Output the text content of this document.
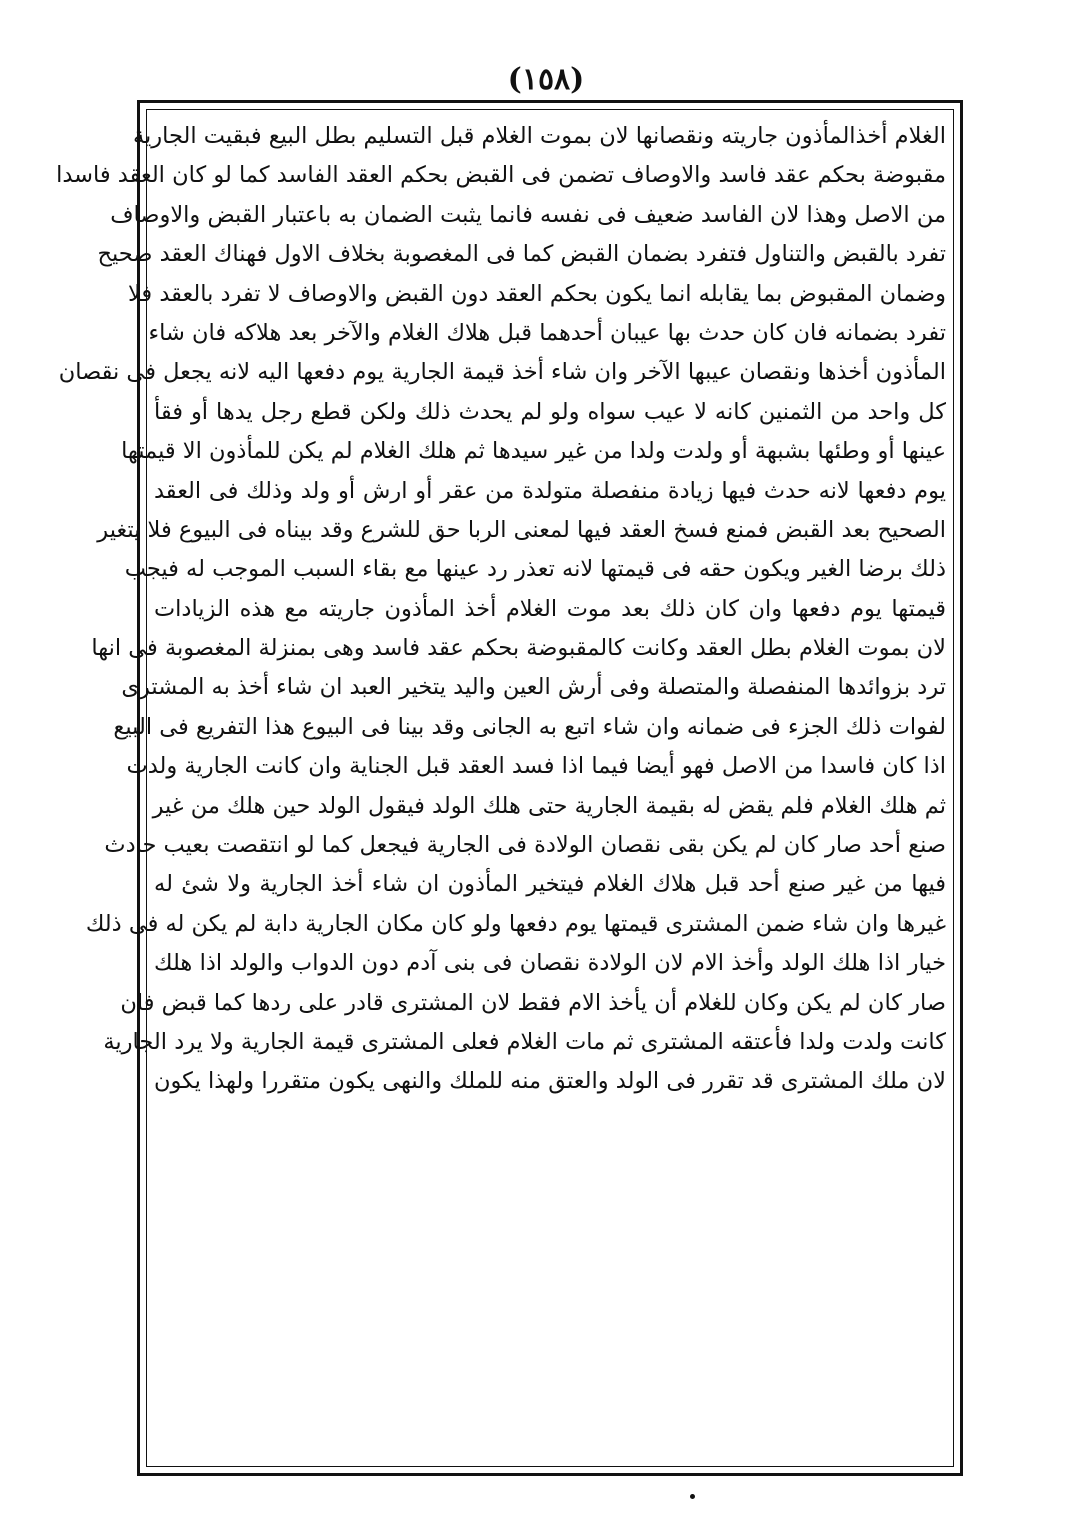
(١٥٨)
الغلام أخذالمأذون جاريته ونقصانها لان بموت الغلام قبل التسليم بطل البيع فبقيت الجارية
مقبوضة بحكم عقد فاسد والاوصاف تضمن فى القبض بحكم العقد الفاسد كما لو كان العقد فاسدا
من الاصل وهذا لان الفاسد ضعيف فى نفسه فانما يثبت الضمان به باعتبار القبض والاوصاف
تفرد بالقبض والتناول فتفرد بضمان القبض كما فى المغصوبة بخلاف الاول فهناك العقد صحيح
وضمان المقبوض بما يقابله انما يكون بحكم العقد دون القبض والاوصاف لا تفرد بالعقد فلا
تفرد بضمانه فان كان حدث بها عيبان أحدهما قبل هلاك الغلام والآخر بعد هلاكه فان شاء
المأذون أخذها ونقصان عيبها الآخر وان شاء أخذ قيمة الجارية يوم دفعها اليه لانه يجعل فى نقصان
كل واحد من الثمنين كانه لا عيب سواه ولو لم يحدث ذلك ولكن قطع رجل يدها أو فقأ
عينها أو وطئها بشبهة أو ولدت ولدا من غير سيدها ثم هلك الغلام لم يكن للمأذون الا قيمتها
يوم دفعها لانه حدث فيها زيادة منفصلة متولدة من عقر أو ارش أو ولد وذلك فى العقد
الصحيح بعد القبض فمنع فسخ العقد فيها لمعنى الربا حق للشرع وقد بيناه فى البيوع فلا يتغير
ذلك برضا الغير ويكون حقه فى قيمتها لانه تعذر رد عينها مع بقاء السبب الموجب له فيجب
قيمتها يوم دفعها وان كان ذلك بعد موت الغلام أخذ المأذون جاريته مع هذه الزيادات
لان بموت الغلام بطل العقد وكانت كالمقبوضة بحكم عقد فاسد وهى بمنزلة المغصوبة فى انها
ترد بزوائدها المنفصلة والمتصلة وفى أرش العين واليد يتخير العبد ان شاء أخذ به المشترى
لفوات ذلك الجزء فى ضمانه وان شاء اتبع به الجانى وقد بينا فى البيوع هذا التفريع فى البيع
اذا كان فاسدا من الاصل فهو أيضا فيما اذا فسد العقد قبل الجناية وان كانت الجارية ولدت
ثم هلك الغلام فلم يقض له بقيمة الجارية حتى هلك الولد فيقول الولد حين هلك من غير
صنع أحد صار كان لم يكن بقى نقصان الولادة فى الجارية فيجعل كما لو انتقصت بعيب حادث
فيها من غير صنع أحد قبل هلاك الغلام فيتخير المأذون ان شاء أخذ الجارية ولا شئ له
غيرها وان شاء ضمن المشترى قيمتها يوم دفعها ولو كان مكان الجارية دابة لم يكن له فى ذلك
خيار اذا هلك الولد وأخذ الام لان الولادة نقصان فى بنى آدم دون الدواب والولد اذا هلك
صار كان لم يكن وكان للغلام أن يأخذ الام فقط لان المشترى قادر على ردها كما قبض فان
كانت ولدت ولدا فأعتقه المشترى ثم مات الغلام فعلى المشترى قيمة الجارية ولا يرد الجارية
لان ملك المشترى قد تقرر فى الولد والعتق منه للملك والنهى يكون متقررا ولهذا يكون
